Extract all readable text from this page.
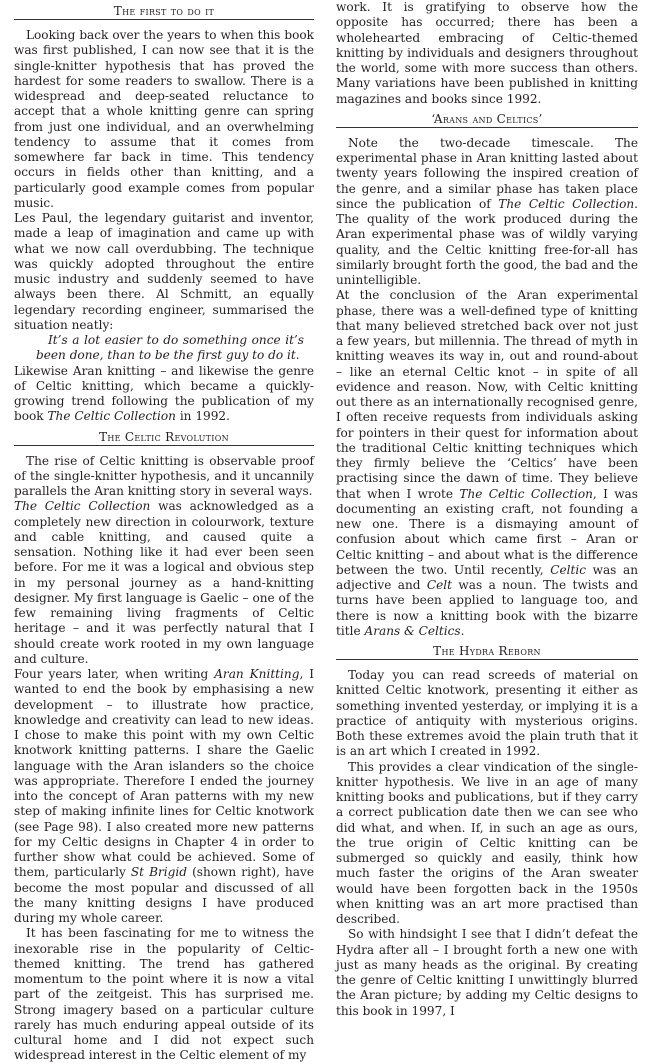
The first to do it

Looking back over the years to when this book was first published, I can now see that it is the single-knitter hypothesis that has proved the hardest for some readers to swallow. There is a widespread and deep-seated reluctance to accept that a whole knitting genre can spring from just one individual, and an overwhelming tendency to assume that it comes from somewhere far back in time. This tendency occurs in fields other than knitting, and a particularly good example comes from popular music.

Les Paul, the legendary guitarist and inventor, made a leap of imagination and came up with what we now call overdubbing. The technique was quickly adopted throughout the entire music industry and suddenly seemed to have always been there. Al Schmitt, an equally legendary recording engineer, summarised the situation neatly:

It’s a lot easier to do something once it’s been done, than to be the first guy to do it.

Likewise Aran knitting – and likewise the genre of Celtic knitting, which became a quickly-growing trend following the publication of my book The Celtic Collection in 1992.

The Celtic Revolution

The rise of Celtic knitting is observable proof of the single-knitter hypothesis, and it uncannily parallels the Aran knitting story in several ways.

The Celtic Collection was acknowledged as a completely new direction in colourwork, texture and cable knitting, and caused quite a sensation. Nothing like it had ever been seen before. For me it was a logical and obvious step in my personal journey as a hand-knitting designer. My first language is Gaelic – one of the few remaining living fragments of Celtic heritage – and it was perfectly natural that I should create work rooted in my own language and culture.

Four years later, when writing Aran Knitting, I wanted to end the book by emphasising a new development – to illustrate how practice, knowledge and creativity can lead to new ideas. I chose to make this point with my own Celtic knotwork knitting patterns. I share the Gaelic language with the Aran islanders so the choice was appropriate. Therefore I ended the journey into the concept of Aran patterns with my new step of making infinite lines for Celtic knotwork (see Page 98). I also created more new patterns for my Celtic designs in Chapter 4 in order to further show what could be achieved. Some of them, particularly St Brigid (shown right), have become the most popular and discussed of all the many knitting designs I have produced during my whole career.

It has been fascinating for me to witness the inexorable rise in the popularity of Celtic-themed knitting. The trend has gathered momentum to the point where it is now a vital part of the zeitgeist. This has surprised me. Strong imagery based on a particular culture rarely has much enduring appeal outside of its cultural home and I did not expect such widespread interest in the Celtic element of my

work. It is gratifying to observe how the opposite has occurred; there has been a wholehearted embracing of Celtic-themed knitting by individuals and designers throughout the world, some with more success than others. Many variations have been published in knitting magazines and books since 1992.

‘Arans and Celtics’

Note the two-decade timescale. The experimental phase in Aran knitting lasted about twenty years following the inspired creation of the genre, and a similar phase has taken place since the publication of The Celtic Collection. The quality of the work produced during the Aran experimental phase was of wildly varying quality, and the Celtic knitting free-for-all has similarly brought forth the good, the bad and the unintelligible.

At the conclusion of the Aran experimental phase, there was a well-defined type of knitting that many believed stretched back over not just a few years, but millennia. The thread of myth in knitting weaves its way in, out and round-about – like an eternal Celtic knot – in spite of all evidence and reason. Now, with Celtic knitting out there as an internationally recognised genre, I often receive requests from individuals asking for pointers in their quest for information about the traditional Celtic knitting techniques which they firmly believe the ‘Celtics’ have been practising since the dawn of time. They believe that when I wrote The Celtic Collection, I was documenting an existing craft, not founding a new one. There is a dismaying amount of confusion about which came first – Aran or Celtic knitting – and about what is the difference between the two. Until recently, Celtic was an adjective and Celt was a noun. The twists and turns have been applied to language too, and there is now a knitting book with the bizarre title Arans & Celtics.

The Hydra Reborn

Today you can read screeds of material on knitted Celtic knotwork, presenting it either as something invented yesterday, or implying it is a practice of antiquity with mysterious origins. Both these extremes avoid the plain truth that it is an art which I created in 1992.

This provides a clear vindication of the single-knitter hypothesis. We live in an age of many knitting books and publications, but if they carry a correct publication date then we can see who did what, and when. If, in such an age as ours, the true origin of Celtic knitting can be submerged so quickly and easily, think how much faster the origins of the Aran sweater would have been forgotten back in the 1950s when knitting was an art more practised than described.

So with hindsight I see that I didn’t defeat the Hydra after all – I brought forth a new one with just as many heads as the original. By creating the genre of Celtic knitting I unwittingly blurred the Aran picture; by adding my Celtic designs to this book in 1997, I
